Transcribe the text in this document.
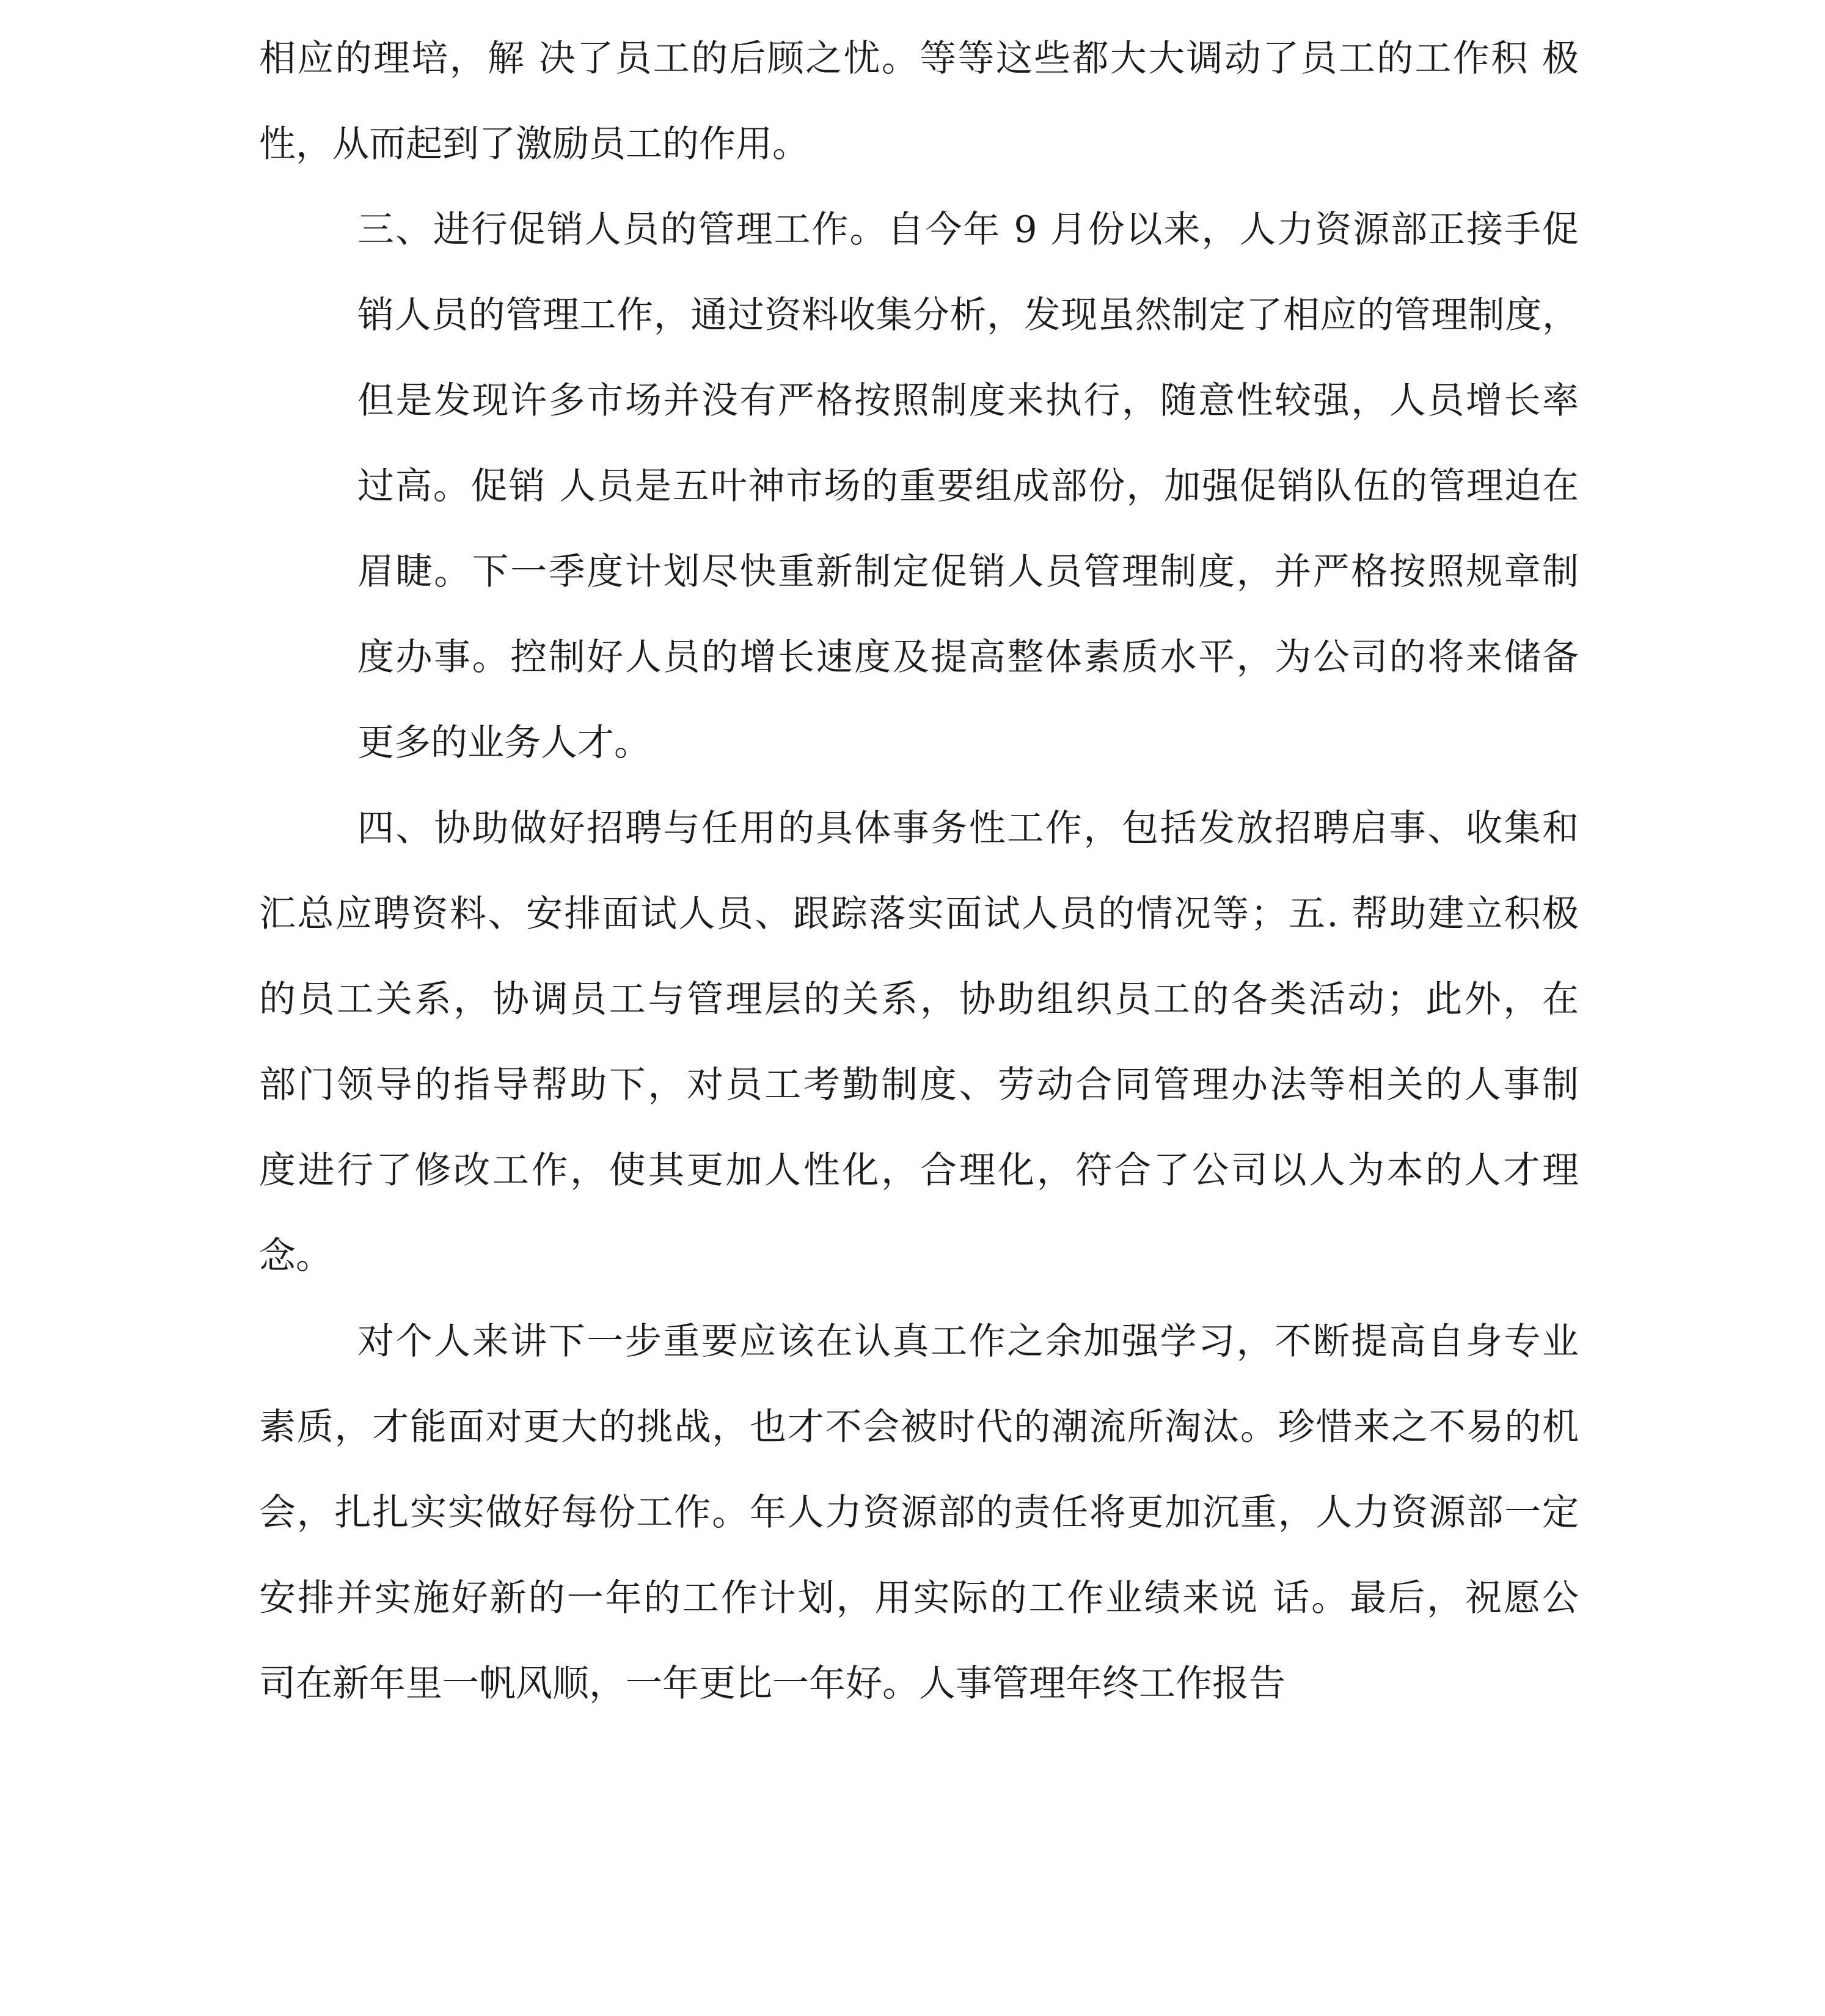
相应的理培，解 决了员工的后顾之忧。等等这些都大大调动了员工的工作积 极
性，从而起到了激励员工的作用。
三、进行促销人员的管理工作。自今年 9 月份以来，人力资源部正接手促
销人员的管理工作，通过资料收集分析，发现虽然制定了相应的管理制度，
但是发现许多市场并没有严格按照制度来执行，随意性较强，人员增长率
过高。促销 人员是五叶神市场的重要组成部份，加强促销队伍的管理迫在
眉睫。下一季度计划尽快重新制定促销人员管理制度，并严格按照规章制
度办事。控制好人员的增长速度及提高整体素质水平，为公司的将来储备
更多的业务人才。
四、协助做好招聘与任用的具体事务性工作，包括发放招聘启事、收集和
汇总应聘资料、安排面试人员、跟踪落实面试人员的情况等；五. 帮助建立积极
的员工关系，协调员工与管理层的关系，协助组织员工的各类活动；此外，在
部门领导的指导帮助下，对员工考勤制度、劳动合同管理办法等相关的人事制
度进行了修改工作，使其更加人性化，合理化，符合了公司以人为本的人才理
念。
对个人来讲下一步重要应该在认真工作之余加强学习，不断提高自身专业
素质，才能面对更大的挑战，也才不会被时代的潮流所淘汰。珍惜来之不易的机
会，扎扎实实做好每份工作。年人力资源部的责任将更加沉重，人力资源部一定
安排并实施好新的一年的工作计划，用实际的工作业绩来说 话。最后，祝愿公
司在新年里一帆风顺，一年更比一年好。人事管理年终工作报告
